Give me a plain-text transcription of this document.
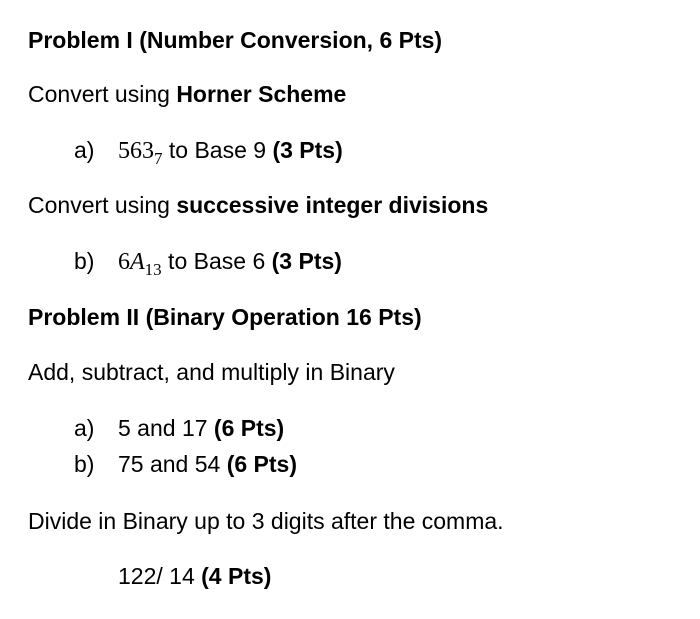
Problem I (Number Conversion, 6 Pts)
Convert using Horner Scheme
a) $563_7$ to Base 9 (3 Pts)
Convert using successive integer divisions
b) $6A_{13}$ to Base 6 (3 Pts)
Problem II (Binary Operation 16 Pts)
Add, subtract, and multiply in Binary
a) 5 and 17 (6 Pts)
b) 75 and 54 (6 Pts)
Divide in Binary up to 3 digits after the comma.
122/ 14 (4 Pts)
